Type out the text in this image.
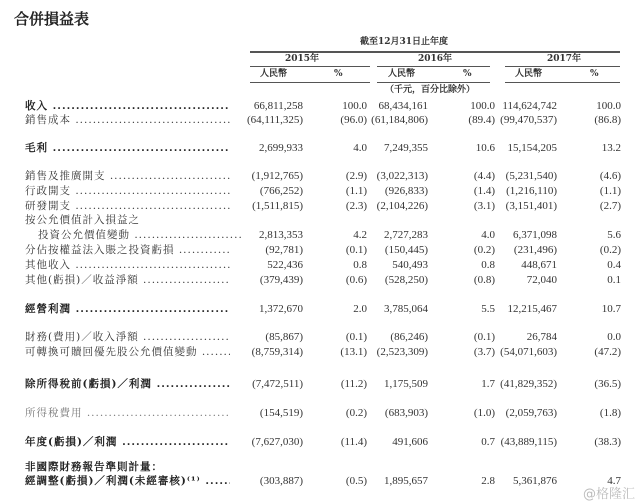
合併損益表
截至12月31日止年度
2015年	2016年	2017年
人民幣	%	人民幣	%	人民幣	%
（千元，百分比除外）
收入 .....	66,811,258	100.0 68,434,161	100.0 114,624,742	100.0
銷售成本 .....	(64,111,325)	(96.0) (61,184,806)	(89.4) (99,470,537)	(86.8)
毛利 .....	2,699,933	4.0 7,249,355	10.6 15,154,205	13.2
銷售及推廣開支 .....	(1,912,765)	(2.9) (3,022,313)	(4.4) (5,231,540)	(4.6)
行政開支 .....	(766,252)	(1.1) (926,833)	(1.4) (1,216,110)	(1.1)
研發開支 .....	(1,511,815)	(2.3) (2,104,226)	(3.1) (3,151,401)	(2.7)
按公允價值計入損益之
投資公允價值變動 .....	2,813,353	4.2 2,727,283	4.0 6,371,098	5.6
分佔按權益法入賬之投資虧損 .....	(92,781)	(0.1) (150,445)	(0.2) (231,496)	(0.2)
其他收入 .....	522,436	0.8 540,493	0.8 448,671	0.4
其他(虧損)／收益淨額 .....	(379,439)	(0.6) (528,250)	(0.8)	72,040	0.1
經營利潤 .....	1,372,670	2.0 3,785,064	5.5 12,215,467	10.7
財務(費用)／收入淨額 .....	(85,867)	(0.1) (86,246)	(0.1)	26,784	0.0
可轉換可贖回優先股公允價值變動 .....	(8,759,314)	(13.1) (2,523,309)	(3.7) (54,071,603)	(47.2)
除所得稅前(虧損)／利潤 .....	(7,472,511)	(11.2) 1,175,509	1.7 (41,829,352)	(36.5)
所得稅費用 .....	(154,519)	(0.2) (683,903)	(1.0) (2,059,763)	(1.8)
年度(虧損)／利潤 .....	(7,627,030)	(11.4) 491,606	0.7 (43,889,115)	(38.3)
非國際財務報告準則計量：
經調整(虧損)／利潤(未經審核)⁽¹⁾ .....	(303,887)	(0.5) 1,895,657	2.8 5,361,876	4.7
@格隆汇
